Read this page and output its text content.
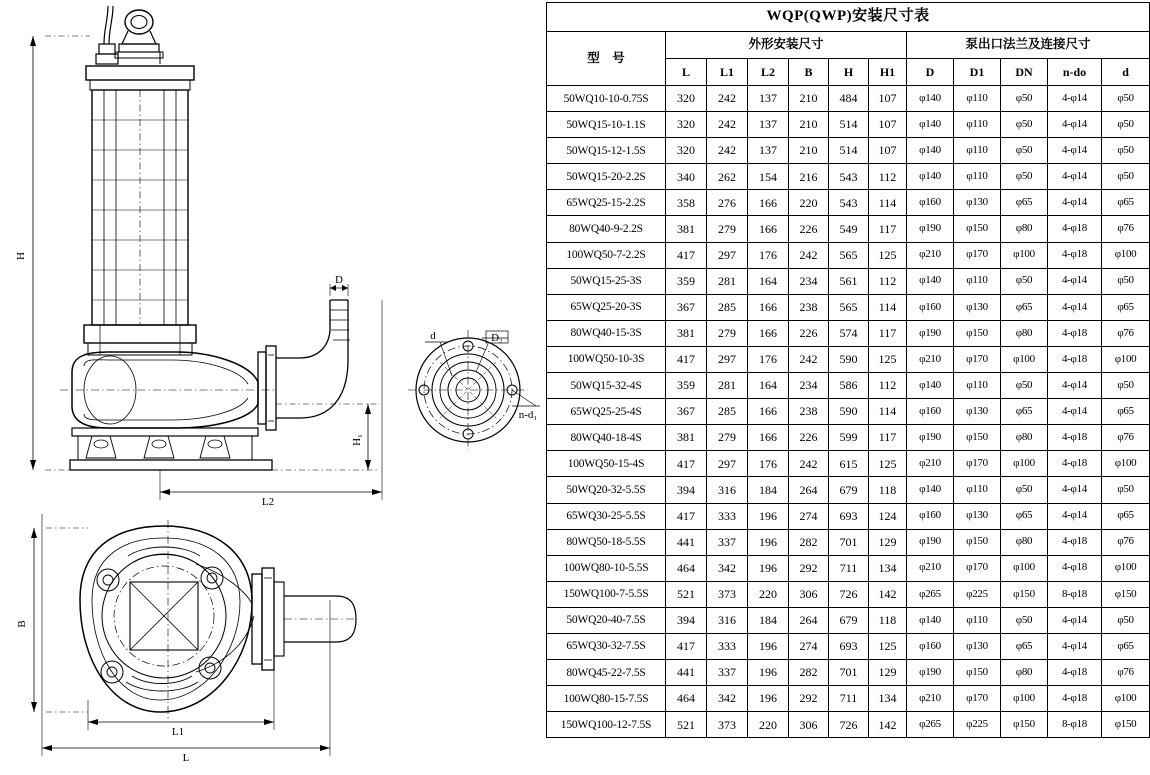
H
H₁
L2
D
d	D₂
n-d₁
B
L1
L
WQP(QWP)安装尺寸表											
型　号	外形安装尺寸						泵出口法兰及连接尺寸				
	L	L1	L2	B	H	H1	D	D1	DN	n-do	d
50WQ10-10-0.75S	320	242	137	210	484	107	φ140	φ110	φ50	4-φ14	φ50
50WQ15-10-1.1S	320	242	137	210	514	107	φ140	φ110	φ50	4-φ14	φ50
50WQ15-12-1.5S	320	242	137	210	514	107	φ140	φ110	φ50	4-φ14	φ50
50WQ15-20-2.2S	340	262	154	216	543	112	φ140	φ110	φ50	4-φ14	φ50
65WQ25-15-2.2S	358	276	166	220	543	114	φ160	φ130	φ65	4-φ14	φ65
80WQ40-9-2.2S	381	279	166	226	549	117	φ190	φ150	φ80	4-φ18	φ76
100WQ50-7-2.2S	417	297	176	242	565	125	φ210	φ170	φ100	4-φ18	φ100
50WQ15-25-3S	359	281	164	234	561	112	φ140	φ110	φ50	4-φ14	φ50
65WQ25-20-3S	367	285	166	238	565	114	φ160	φ130	φ65	4-φ14	φ65
80WQ40-15-3S	381	279	166	226	574	117	φ190	φ150	φ80	4-φ18	φ76
100WQ50-10-3S	417	297	176	242	590	125	φ210	φ170	φ100	4-φ18	φ100
50WQ15-32-4S	359	281	164	234	586	112	φ140	φ110	φ50	4-φ14	φ50
65WQ25-25-4S	367	285	166	238	590	114	φ160	φ130	φ65	4-φ14	φ65
80WQ40-18-4S	381	279	166	226	599	117	φ190	φ150	φ80	4-φ18	φ76
100WQ50-15-4S	417	297	176	242	615	125	φ210	φ170	φ100	4-φ18	φ100
50WQ20-32-5.5S	394	316	184	264	679	118	φ140	φ110	φ50	4-φ14	φ50
65WQ30-25-5.5S	417	333	196	274	693	124	φ160	φ130	φ65	4-φ14	φ65
80WQ50-18-5.5S	441	337	196	282	701	129	φ190	φ150	φ80	4-φ18	φ76
100WQ80-10-5.5S	464	342	196	292	711	134	φ210	φ170	φ100	4-φ18	φ100
150WQ100-7-5.5S	521	373	220	306	726	142	φ265	φ225	φ150	8-φ18	φ150
50WQ20-40-7.5S	394	316	184	264	679	118	φ140	φ110	φ50	4-φ14	φ50
65WQ30-32-7.5S	417	333	196	274	693	125	φ160	φ130	φ65	4-φ14	φ65
80WQ45-22-7.5S	441	337	196	282	701	129	φ190	φ150	φ80	4-φ18	φ76
100WQ80-15-7.5S	464	342	196	292	711	134	φ210	φ170	φ100	4-φ18	φ100
150WQ100-12-7.5S	521	373	220	306	726	142	φ265	φ225	φ150	8-φ18	φ150
